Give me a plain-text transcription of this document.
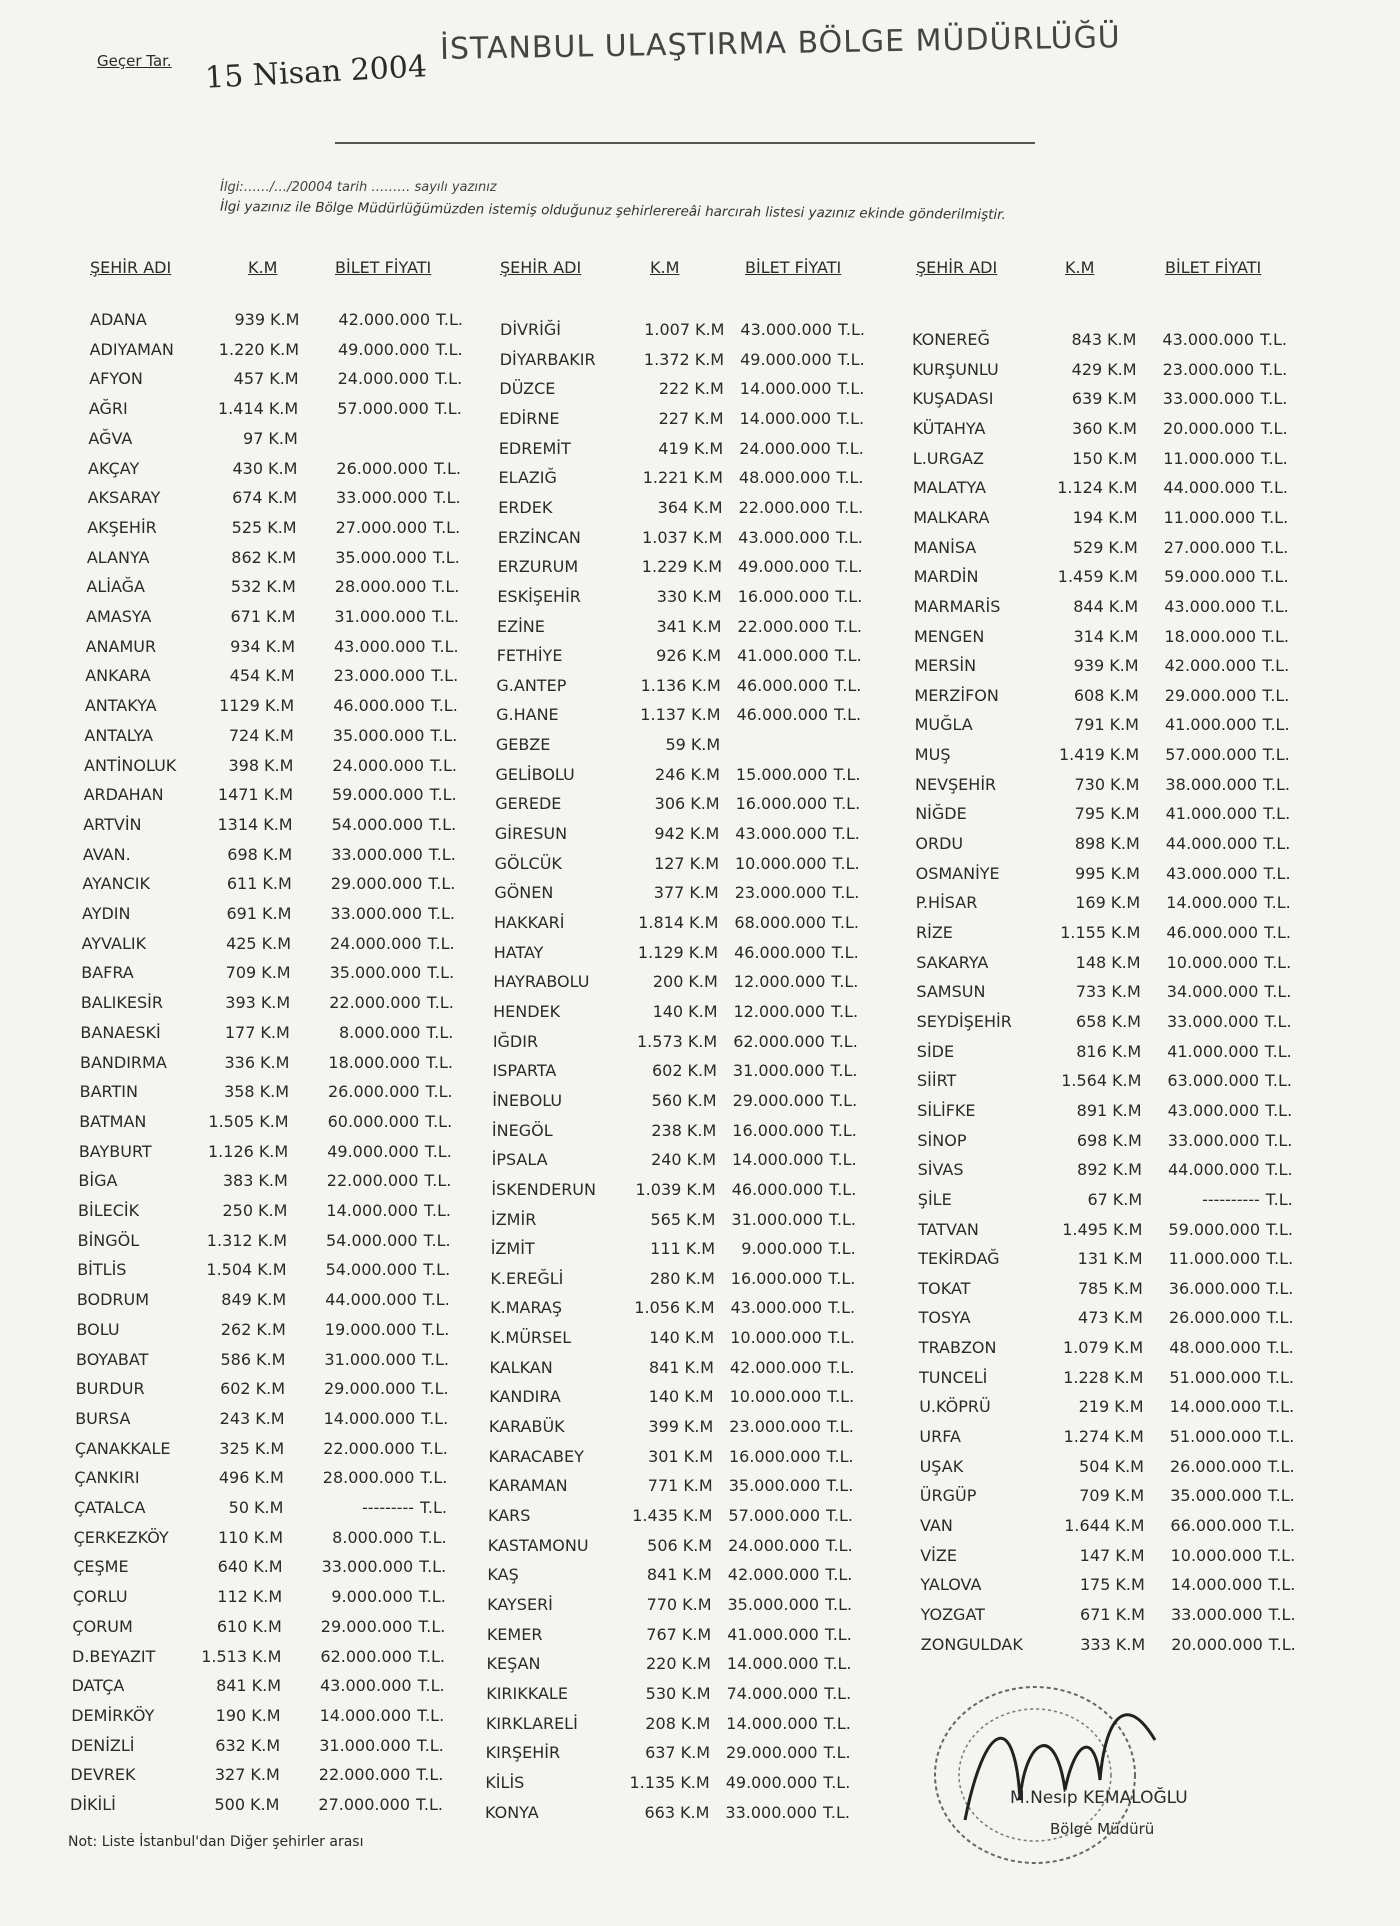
Geçer Tar. 15 Nisan 2004
İSTANBUL ULAŞTIRMA BÖLGE MÜDÜRLÜĞÜ
İlgi:……/…/20004 tarih ……… sayılı yazınız
İlgi yazınız ile Bölge Müdürlüğümüzden istemiş olduğunuz şehirlerereâi harcırah listesi yazınız ekinde gönderilmiştir.
ŞEHİR ADI	K.M	BİLET FİYATI	ŞEHİR ADI	K.M	BİLET FİYATI	ŞEHİR ADI	K.M	BİLET FİYATI
ADANA	939 K.M	42.000.000 T.L.
ADIYAMAN	1.220 K.M	49.000.000 T.L.
AFYON	457 K.M	24.000.000 T.L.
AĞRI	1.414 K.M	57.000.000 T.L.
AĞVA	97 K.M
AKÇAY	430 K.M	26.000.000 T.L.
AKSARAY	674 K.M	33.000.000 T.L.
AKŞEHİR	525 K.M	27.000.000 T.L.
ALANYA	862 K.M	35.000.000 T.L.
ALİAĞA	532 K.M	28.000.000 T.L.
AMASYA	671 K.M	31.000.000 T.L.
ANAMUR	934 K.M	43.000.000 T.L.
ANKARA	454 K.M	23.000.000 T.L.
ANTAKYA	1129 K.M	46.000.000 T.L.
ANTALYA	724 K.M	35.000.000 T.L.
ANTİNOLUK	398 K.M	24.000.000 T.L.
ARDAHAN	1471 K.M	59.000.000 T.L.
ARTVİN	1314 K.M	54.000.000 T.L.
AVAN.	698 K.M	33.000.000 T.L.
AYANCIK	611 K.M	29.000.000 T.L.
AYDIN	691 K.M	33.000.000 T.L.
AYVALIK	425 K.M	24.000.000 T.L.
BAFRA	709 K.M	35.000.000 T.L.
BALIKESİR	393 K.M	22.000.000 T.L.
BANAESKİ	177 K.M	8.000.000 T.L.
BANDIRMA	336 K.M	18.000.000 T.L.
BARTIN	358 K.M	26.000.000 T.L.
BATMAN	1.505 K.M	60.000.000 T.L.
BAYBURT	1.126 K.M	49.000.000 T.L.
BİGA	383 K.M	22.000.000 T.L.
BİLECİK	250 K.M	14.000.000 T.L.
BİNGÖL	1.312 K.M	54.000.000 T.L.
BİTLİS	1.504 K.M	54.000.000 T.L.
BODRUM	849 K.M	44.000.000 T.L.
BOLU	262 K.M	19.000.000 T.L.
BOYABAT	586 K.M	31.000.000 T.L.
BURDUR	602 K.M	29.000.000 T.L.
BURSA	243 K.M	14.000.000 T.L.
ÇANAKKALE	325 K.M	22.000.000 T.L.
ÇANKIRI	496 K.M	28.000.000 T.L.
ÇATALCA	50 K.M	--------- T.L.
ÇERKEZKÖY	110 K.M	8.000.000 T.L.
ÇEŞME	640 K.M	33.000.000 T.L.
ÇORLU	112 K.M	9.000.000 T.L.
ÇORUM	610 K.M	29.000.000 T.L.
D.BEYAZIT	1.513 K.M	62.000.000 T.L.
DATÇA	841 K.M	43.000.000 T.L.
DEMİRKÖY	190 K.M	14.000.000 T.L.
DENİZLİ	632 K.M	31.000.000 T.L.
DEVREK	327 K.M	22.000.000 T.L.
DİKİLİ	500 K.M	27.000.000 T.L.
DİVRİĞİ	1.007 K.M	43.000.000 T.L.
DİYARBAKIR	1.372 K.M	49.000.000 T.L.
DÜZCE	222 K.M	14.000.000 T.L.
EDİRNE	227 K.M	14.000.000 T.L.
EDREMİT	419 K.M	24.000.000 T.L.
ELAZIĞ	1.221 K.M	48.000.000 T.L.
ERDEK	364 K.M	22.000.000 T.L.
ERZİNCAN	1.037 K.M	43.000.000 T.L.
ERZURUM	1.229 K.M	49.000.000 T.L.
ESKİŞEHİR	330 K.M	16.000.000 T.L.
EZİNE	341 K.M	22.000.000 T.L.
FETHİYE	926 K.M	41.000.000 T.L.
G.ANTEP	1.136 K.M	46.000.000 T.L.
G.HANE	1.137 K.M	46.000.000 T.L.
GEBZE	59 K.M
GELİBOLU	246 K.M	15.000.000 T.L.
GEREDE	306 K.M	16.000.000 T.L.
GİRESUN	942 K.M	43.000.000 T.L.
GÖLCÜK	127 K.M	10.000.000 T.L.
GÖNEN	377 K.M	23.000.000 T.L.
HAKKARİ	1.814 K.M	68.000.000 T.L.
HATAY	1.129 K.M	46.000.000 T.L.
HAYRABOLU	200 K.M	12.000.000 T.L.
HENDEK	140 K.M	12.000.000 T.L.
IĞDIR	1.573 K.M	62.000.000 T.L.
ISPARTA	602 K.M	31.000.000 T.L.
İNEBOLU	560 K.M	29.000.000 T.L.
İNEGÖL	238 K.M	16.000.000 T.L.
İPSALA	240 K.M	14.000.000 T.L.
İSKENDERUN	1.039 K.M	46.000.000 T.L.
İZMİR	565 K.M	31.000.000 T.L.
İZMİT	111 K.M	9.000.000 T.L.
K.EREĞLİ	280 K.M	16.000.000 T.L.
K.MARAŞ	1.056 K.M	43.000.000 T.L.
K.MÜRSEL	140 K.M	10.000.000 T.L.
KALKAN	841 K.M	42.000.000 T.L.
KANDIRA	140 K.M	10.000.000 T.L.
KARABÜK	399 K.M	23.000.000 T.L.
KARACABEY	301 K.M	16.000.000 T.L.
KARAMAN	771 K.M	35.000.000 T.L.
KARS	1.435 K.M	57.000.000 T.L.
KASTAMONU	506 K.M	24.000.000 T.L.
KAŞ	841 K.M	42.000.000 T.L.
KAYSERİ	770 K.M	35.000.000 T.L.
KEMER	767 K.M	41.000.000 T.L.
KEŞAN	220 K.M	14.000.000 T.L.
KIRIKKALE	530 K.M	74.000.000 T.L.
KIRKLARELİ	208 K.M	14.000.000 T.L.
KIRŞEHİR	637 K.M	29.000.000 T.L.
KİLİS	1.135 K.M	49.000.000 T.L.
KONYA	663 K.M	33.000.000 T.L.
KONEREĞ	843 K.M	43.000.000 T.L.
KURŞUNLU	429 K.M	23.000.000 T.L.
KUŞADASI	639 K.M	33.000.000 T.L.
KÜTAHYA	360 K.M	20.000.000 T.L.
L.URGAZ	150 K.M	11.000.000 T.L.
MALATYA	1.124 K.M	44.000.000 T.L.
MALKARA	194 K.M	11.000.000 T.L.
MANİSA	529 K.M	27.000.000 T.L.
MARDİN	1.459 K.M	59.000.000 T.L.
MARMARİS	844 K.M	43.000.000 T.L.
MENGEN	314 K.M	18.000.000 T.L.
MERSİN	939 K.M	42.000.000 T.L.
MERZİFON	608 K.M	29.000.000 T.L.
MUĞLA	791 K.M	41.000.000 T.L.
MUŞ	1.419 K.M	57.000.000 T.L.
NEVŞEHİR	730 K.M	38.000.000 T.L.
NİĞDE	795 K.M	41.000.000 T.L.
ORDU	898 K.M	44.000.000 T.L.
OSMANİYE	995 K.M	43.000.000 T.L.
P.HİSAR	169 K.M	14.000.000 T.L.
RİZE	1.155 K.M	46.000.000 T.L.
SAKARYA	148 K.M	10.000.000 T.L.
SAMSUN	733 K.M	34.000.000 T.L.
SEYDİŞEHİR	658 K.M	33.000.000 T.L.
SİDE	816 K.M	41.000.000 T.L.
SİİRT	1.564 K.M	63.000.000 T.L.
SİLİFKE	891 K.M	43.000.000 T.L.
SİNOP	698 K.M	33.000.000 T.L.
SİVAS	892 K.M	44.000.000 T.L.
ŞİLE	67 K.M	---------- T.L.
TATVAN	1.495 K.M	59.000.000 T.L.
TEKİRDAĞ	131 K.M	11.000.000 T.L.
TOKAT	785 K.M	36.000.000 T.L.
TOSYA	473 K.M	26.000.000 T.L.
TRABZON	1.079 K.M	48.000.000 T.L.
TUNCELİ	1.228 K.M	51.000.000 T.L.
U.KÖPRÜ	219 K.M	14.000.000 T.L.
URFA	1.274 K.M	51.000.000 T.L.
UŞAK	504 K.M	26.000.000 T.L.
ÜRGÜP	709 K.M	35.000.000 T.L.
VAN	1.644 K.M	66.000.000 T.L.
VİZE	147 K.M	10.000.000 T.L.
YALOVA	175 K.M	14.000.000 T.L.
YOZGAT	671 K.M	33.000.000 T.L.
ZONGULDAK	333 K.M	20.000.000 T.L.
Not: Liste İstanbul'dan Diğer şehirler arası
M.Nesip KEMALOĞLU
Bölge Müdürü
